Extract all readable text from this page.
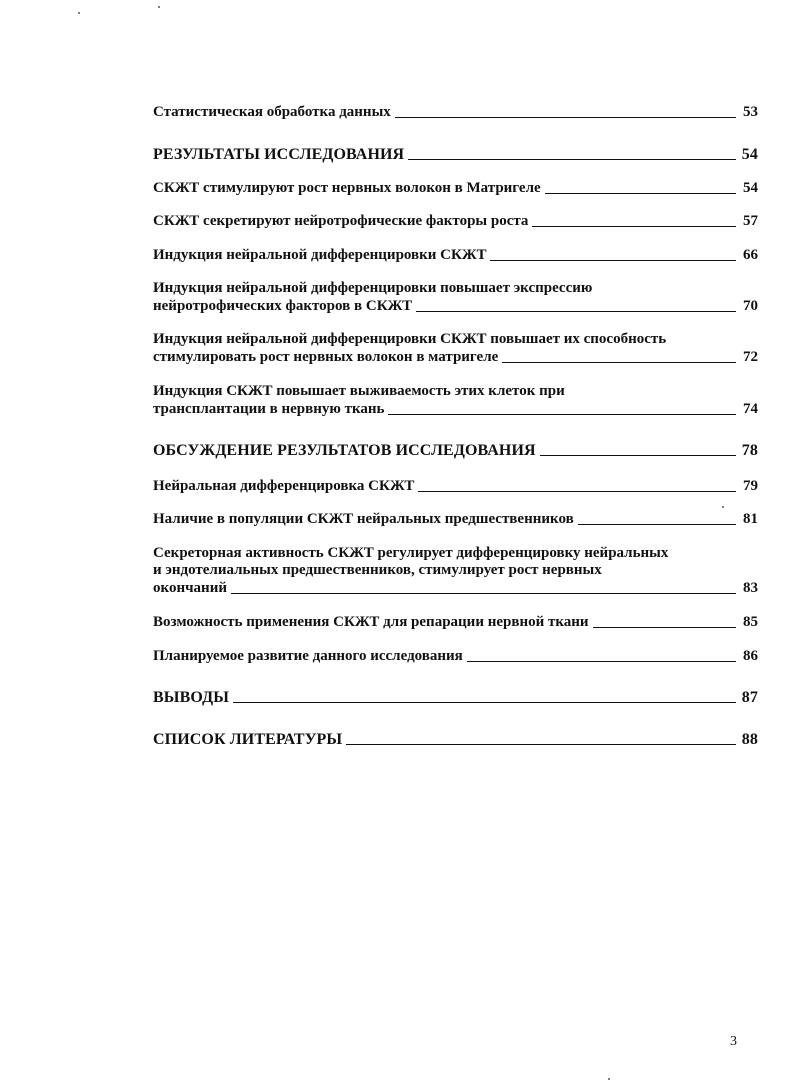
Статистическая обработка данных	53
РЕЗУЛЬТАТЫ ИССЛЕДОВАНИЯ	54
СКЖТ стимулируют рост нервных волокон в Матригеле	54
СКЖТ секретируют нейротрофические факторы роста	57
Индукция нейральной дифференцировки СКЖТ	66
Индукция нейральной дифференцировки повышает экспрессию
нейротрофических факторов в СКЖТ	70
Индукция нейральной дифференцировки СКЖТ повышает их способность
стимулировать рост нервных волокон в матригеле	72
Индукция СКЖТ повышает выживаемость этих клеток при
трансплантации в нервную ткань	74
ОБСУЖДЕНИЕ РЕЗУЛЬТАТОВ ИССЛЕДОВАНИЯ	78
Нейральная дифференцировка СКЖТ	79
Наличие в популяции СКЖТ нейральных предшественников	81
Секреторная активность СКЖТ регулирует дифференцировку нейральных
и эндотелиальных предшественников, стимулирует рост нервных
окончаний	83
Возможность применения СКЖТ для репарации нервной ткани	85
Планируемое развитие данного исследования	86
ВЫВОДЫ	87
СПИСОК ЛИТЕРАТУРЫ	88
3
